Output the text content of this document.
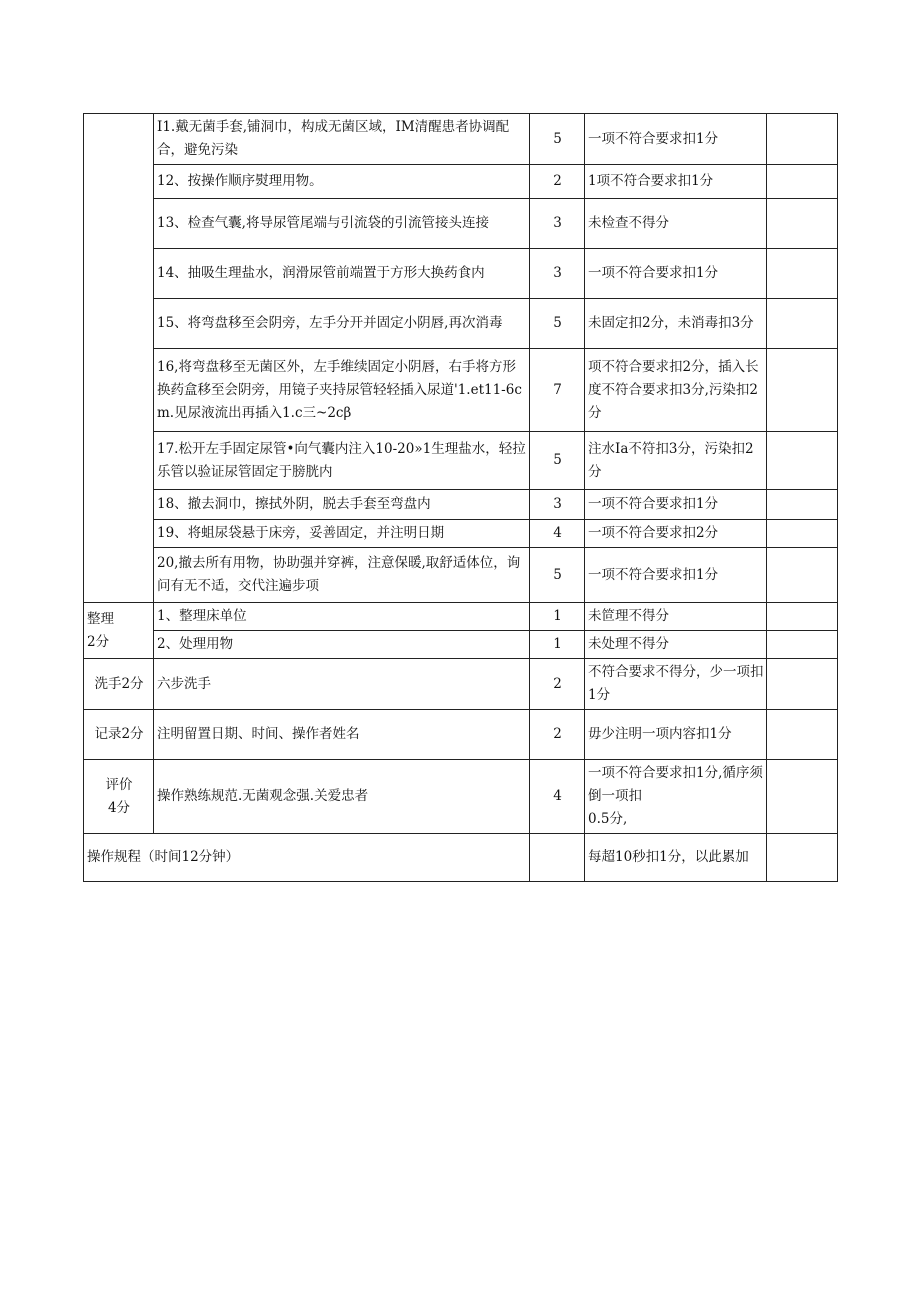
	I1.戴无菌手套,铺洞巾，构成无菌区域，IM清醒患者协调配合，避免污染	5	一项不符合要求扣1分	
	12、按操作顺序熨理用物。	2	1项不符合要求扣1分	
	13、检查气囊,将导尿管尾端与引流袋的引流管接头连接	3	未检查不得分	
	14、抽吸生理盐水，润滑尿管前端置于方形大换药食内	3	一项不符合要求扣1分	
	15、将弯盘移至会阴旁，左手分开并固定小阴唇,再次消毒	5	未固定扣2分，未消毒扣3分	
	16,将弯盘移至无菌区外，左手维续固定小阴唇，右手将方形换药盒移至会阴旁，用镜子夹持尿管轻轻插入尿道'1.et11-6cm.见尿液流出再插入1.c三~2cβ	7	项不符合要求扣2分，插入长度不符合要求扣3分,污染扣2分	
	17.松开左手固定尿管•向气囊内注入10-20»1生理盐水，轻拉乐管以验证尿管固定于膀胱内	5	注水Ia不符扣3分，污染扣2分	
	18、撤去洞巾，擦拭外阴，脱去手套至弯盘内	3	一项不符合要求扣1分	
	19、将蛆尿袋悬于床旁，妥善固定，并注明日期	4	一项不符合要求扣2分	
	20,撤去所有用物，协助强并穿裤，注意保暖,取舒适体位，询问有无不适，交代注遍步项	5	一项不符合要求扣1分	

整理
2分	1、整理床单位	1	未笸理不得分	
	2、处理用物	1	未处理不得分	
洗手2分	六步洗手	2	不符合要求不得分，少一项扣1分	
记录2分	注明留置日期、时间、操作者姓名	2	毋少注明一项内容扣1分	

评价
4分	操作熟练规范.无菌观念强.关爱忠者	4	一项不符合要求扣1分,循序须倒一项扣
0.5分,	

操作规程（时间12分钟）			每超10秒扣1分，以此累加	
